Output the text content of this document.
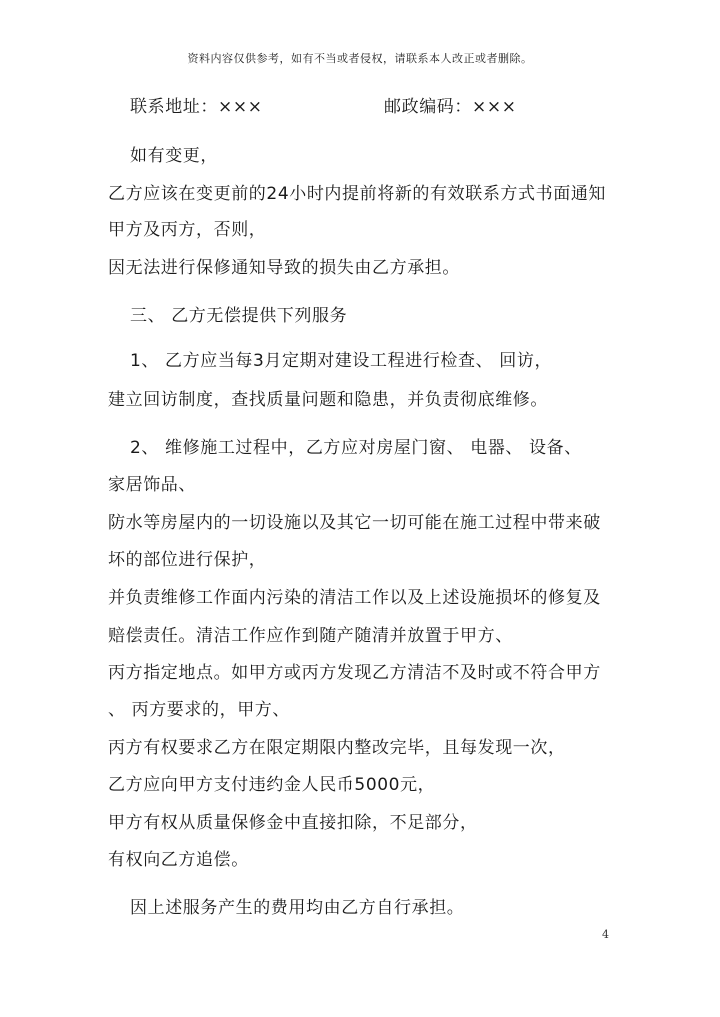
资料内容仅供参考，如有不当或者侵权，请联系本人改正或者删除。
联系地址：×××	邮政编码：×××
如有变更，
乙方应该在变更前的24小时内提前将新的有效联系方式书面通知
甲方及丙方，否则，
因无法进行保修通知导致的损失由乙方承担。
三、 乙方无偿提供下列服务
1、 乙方应当每3月定期对建设工程进行检查、 回访，
建立回访制度，查找质量问题和隐患，并负责彻底维修。
2、 维修施工过程中，乙方应对房屋门窗、 电器、 设备、
家居饰品、
防水等房屋内的一切设施以及其它一切可能在施工过程中带来破
坏的部位进行保护，
并负责维修工作面内污染的清洁工作以及上述设施损坏的修复及
赔偿责任。清洁工作应作到随产随清并放置于甲方、
丙方指定地点。如甲方或丙方发现乙方清洁不及时或不符合甲方
、 丙方要求的，甲方、
丙方有权要求乙方在限定期限内整改完毕，且每发现一次，
乙方应向甲方支付违约金人民币5000元，
甲方有权从质量保修金中直接扣除，不足部分，
有权向乙方追偿。
因上述服务产生的费用均由乙方自行承担。
4
